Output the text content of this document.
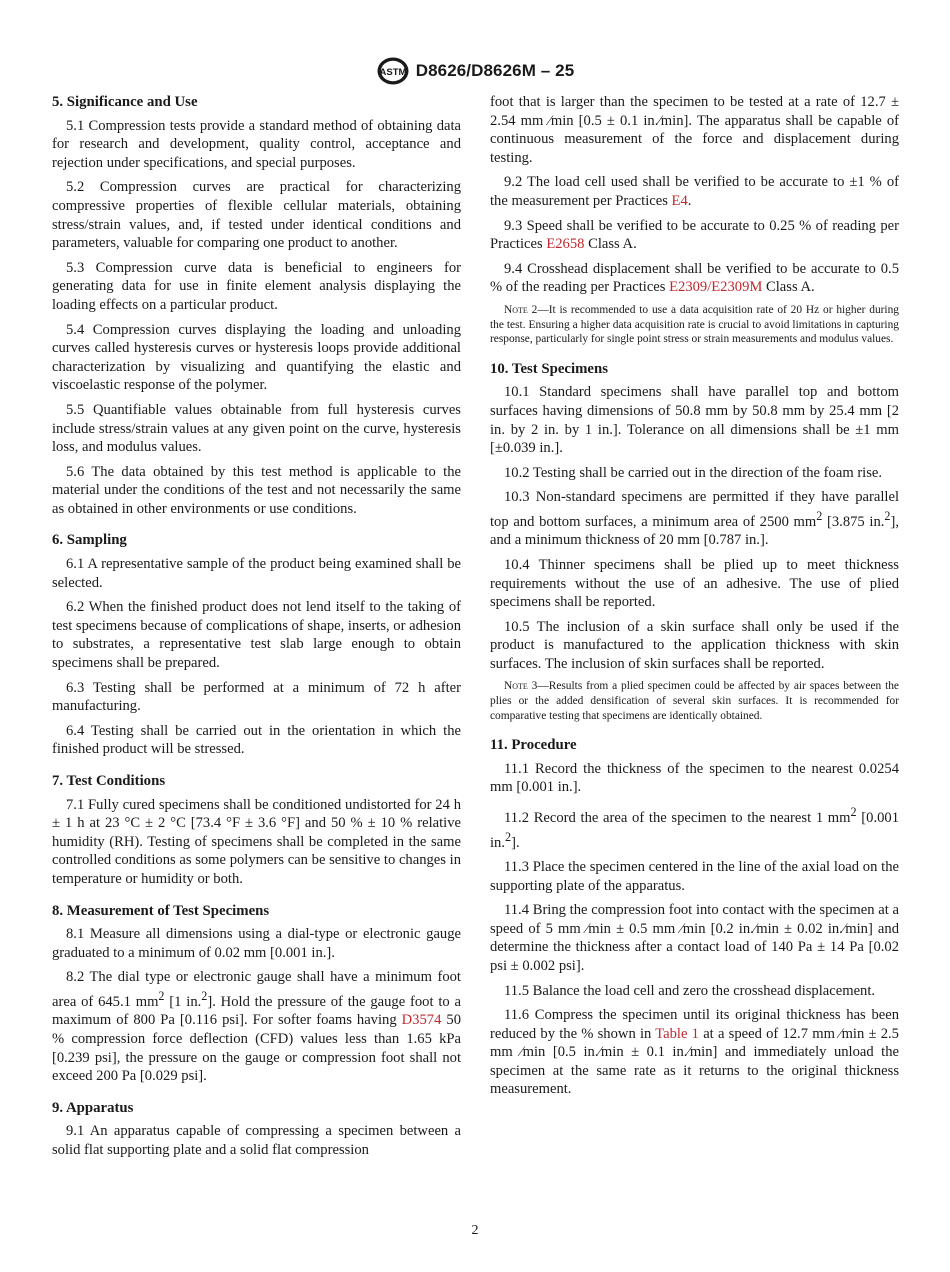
ASTM D8626/D8626M – 25
5. Significance and Use

5.1 Compression tests provide a standard method of obtaining data for research and development, quality control, acceptance and rejection under specifications, and special purposes.

5.2 Compression curves are practical for characterizing compressive properties of flexible cellular materials, obtaining stress/strain values, and, if tested under identical conditions and parameters, valuable for comparing one product to another.

5.3 Compression curve data is beneficial to engineers for generating data for use in finite element analysis displaying the loading effects on a particular product.

5.4 Compression curves displaying the loading and unloading curves called hysteresis curves or hysteresis loops provide additional characterization by visualizing and quantifying the elastic and viscoelastic response of the polymer.

5.5 Quantifiable values obtainable from full hysteresis curves include stress/strain values at any given point on the curve, hysteresis loss, and modulus values.

5.6 The data obtained by this test method is applicable to the material under the conditions of the test and not necessarily the same as obtained in other environments or use conditions.

6. Sampling

6.1 A representative sample of the product being examined shall be selected.

6.2 When the finished product does not lend itself to the taking of test specimens because of complications of shape, inserts, or adhesion to substrates, a representative test slab large enough to obtain specimens shall be prepared.

6.3 Testing shall be performed at a minimum of 72 h after manufacturing.

6.4 Testing shall be carried out in the orientation in which the finished product will be stressed.

7. Test Conditions

7.1 Fully cured specimens shall be conditioned undistorted for 24 h ± 1 h at 23 °C ± 2 °C [73.4 °F ± 3.6 °F] and 50 % ± 10 % relative humidity (RH). Testing of specimens shall be completed in the same controlled conditions as some polymers can be sensitive to changes in temperature or humidity or both.

8. Measurement of Test Specimens

8.1 Measure all dimensions using a dial-type or electronic gauge graduated to a minimum of 0.02 mm [0.001 in.].

8.2 The dial type or electronic gauge shall have a minimum foot area of 645.1 $mm^2$ [1 in.$^2$]. Hold the pressure of the gauge foot to a maximum of 800 Pa [0.116 psi]. For softer foams having D3574 50 % compression force deflection (CFD) values less than 1.65 kPa [0.239 psi], the pressure on the gauge or compression foot shall not exceed 200 Pa [0.029 psi].

9. Apparatus

9.1 An apparatus capable of compressing a specimen between a solid flat supporting plate and a solid flat compression

foot that is larger than the specimen to be tested at a rate of 12.7 ± 2.54 mm ⁄min [0.5 ± 0.1 in.⁄min]. The apparatus shall be capable of continuous measurement of the force and displacement during testing.

9.2 The load cell used shall be verified to be accurate to ±1 % of the measurement per Practices E4.

9.3 Speed shall be verified to be accurate to 0.25 % of reading per Practices E2658 Class A.

9.4 Crosshead displacement shall be verified to be accurate to 0.5 % of the reading per Practices E2309/E2309M Class A.

Note 2—It is recommended to use a data acquisition rate of 20 Hz or higher during the test. Ensuring a higher data acquisition rate is crucial to avoid limitations in capturing response, particularly for single point stress or strain measurements and modulus values.

10. Test Specimens

10.1 Standard specimens shall have parallel top and bottom surfaces having dimensions of 50.8 mm by 50.8 mm by 25.4 mm [2 in. by 2 in. by 1 in.]. Tolerance on all dimensions shall be ±1 mm [±0.039 in.].

10.2 Testing shall be carried out in the direction of the foam rise.

10.3 Non-standard specimens are permitted if they have parallel top and bottom surfaces, a minimum area of 2500 $mm^2$ [3.875 in.$^2$], and a minimum thickness of 20 mm [0.787 in.].

10.4 Thinner specimens shall be plied up to meet thickness requirements without the use of an adhesive. The use of plied specimens shall be reported.

10.5 The inclusion of a skin surface shall only be used if the product is manufactured to the application thickness with skin surfaces. The inclusion of skin surfaces shall be reported.

Note 3—Results from a plied specimen could be affected by air spaces between the plies or the added densification of several skin surfaces. It is recommended for comparative testing that specimens are identically obtained.

11. Procedure

11.1 Record the thickness of the specimen to the nearest 0.0254 mm [0.001 in.].

11.2 Record the area of the specimen to the nearest 1 $mm^2$ [0.001 in.$^2$].

11.3 Place the specimen centered in the line of the axial load on the supporting plate of the apparatus.

11.4 Bring the compression foot into contact with the specimen at a speed of 5 mm ⁄min ± 0.5 mm ⁄min [0.2 in.⁄min ± 0.02 in.⁄min] and determine the thickness after a contact load of 140 Pa ± 14 Pa [0.02 psi ± 0.002 psi].

11.5 Balance the load cell and zero the crosshead displacement.

11.6 Compress the specimen until its original thickness has been reduced by the % shown in Table 1 at a speed of 12.7 mm ⁄min ± 2.5 mm ⁄min [0.5 in.⁄min ± 0.1 in.⁄min] and immediately unload the specimen at the same rate as it returns to the original thickness measurement.

2
